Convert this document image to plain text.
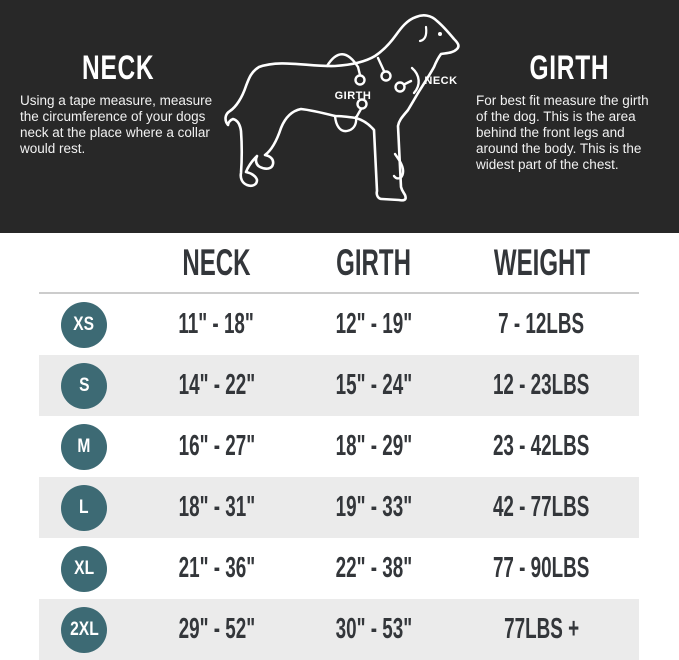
NECK
Using a tape measure, measure the circumference of your dogs neck at the place where a collar would rest.
GIRTH
NECK	GIRTH
For best fit measure the girth of the dog. This is the area behind the front legs and around the body. This is the widest part of the chest.
NECK	GIRTH	WEIGHT
XS	11" - 18"	12" - 19"	7 - 12LBS
S	14" - 22"	15" - 24"	12 - 23LBS
M	16" - 27"	18" - 29"	23 - 42LBS
L	18" - 31"	19" - 33"	42 - 77LBS
XL	21" - 36"	22" - 38"	77 - 90LBS
2XL	29" - 52"	30" - 53"	77LBS +
